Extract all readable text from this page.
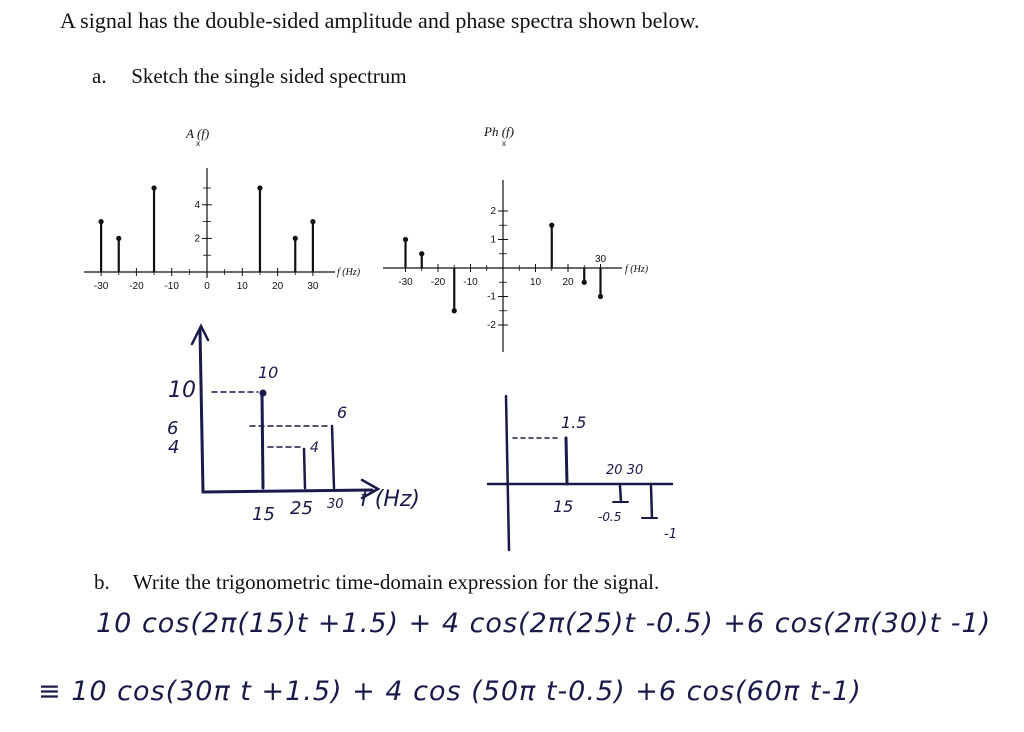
A signal has the double-sided amplitude and phase spectra shown below.
a. Sketch the single sided spectrum
-30 -20 -10	0	10 20 30
2
4
A (f)
x
f (Hz)
-30 -20 -10	10 20
30
2
1
-1
-2
Ph (f)
x
f (Hz)
10
6
4
10
6
4
15 25 30 f (Hz)
1.5
15
20 30
-0.5
-1
b. Write the trigonometric time-domain expression for the signal.
10 cos(2π(15)t +1.5) + 4 cos(2π(25)t -0.5) +6 cos(2π(30)t -1)
≡ 10 cos(30π t +1.5) + 4 cos (50π t-0.5) +6 cos(60π t-1)
